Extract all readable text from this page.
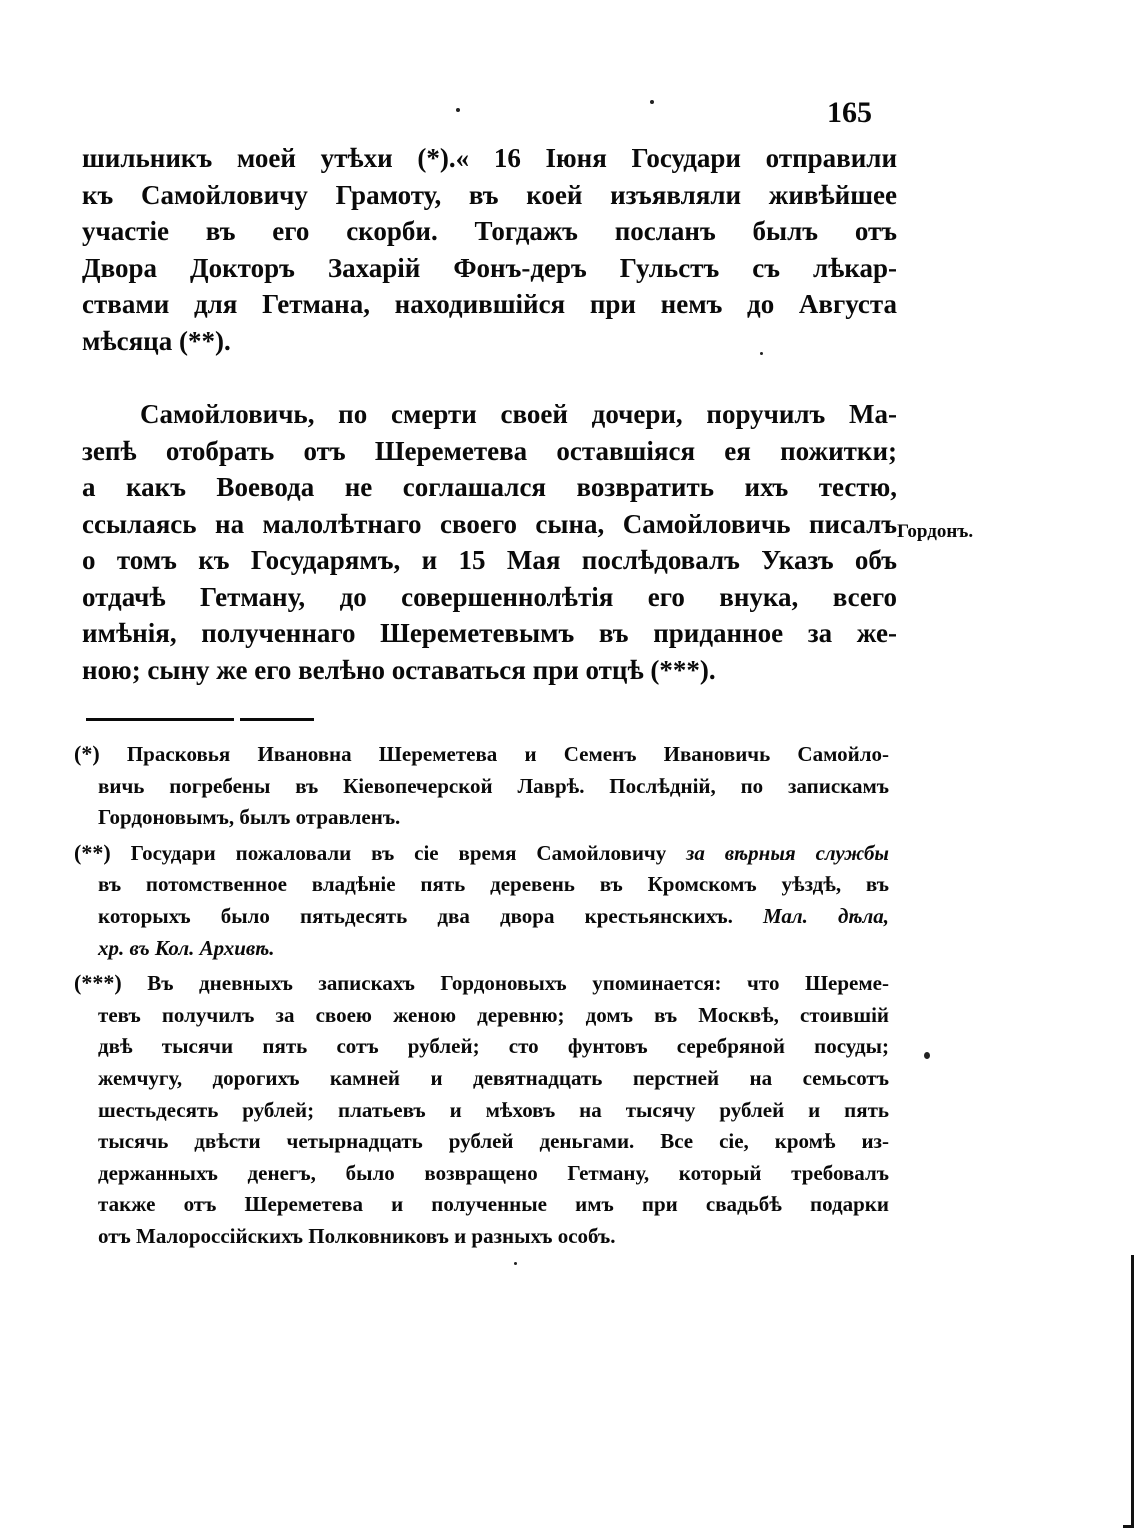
165
шильникъ моей утѣхи (*).« 16 Іюня Государи отправили
къ Самойловичу Грамоту, въ коей изъявляли живѣйшее
участіе въ его скорби. Тогдажъ посланъ былъ отъ
Двора Докторъ Захарій Фонъ-деръ Гульстъ съ лѣкар-
ствами для Гетмана, находившійся при немъ до Августа
мѣсяца (**).
Самойловичь, по смерти своей дочери, поручилъ Ма-
зепѣ отобрать отъ Шереметева оставшіяся ея пожитки;
а какъ Воевода не соглашался возвратить ихъ тестю,
ссылаясь на малолѣтнаго своего сына, Самойловичь писалъ
о томъ къ Государямъ, и 15 Мая послѣдовалъ Указъ объ
отдачѣ Гетману, до совершеннолѣтія его внука, всего
имѣнія, полученнаго Шереметевымъ въ приданное за же-
ною; сыну же его велѣно оставаться при отцѣ (***).
Гордонъ.
(*) Прасковья Ивановна Шереметева и Семенъ Ивановичь Самойло-
вичь погребены въ Кіевопечерской Лаврѣ. Послѣдній, по запискамъ
Гордоновымъ, былъ отравленъ.
(**) Государи пожаловали въ сіе время Самойловичу за вѣрныя службы
въ потомственное владѣніе пять деревень въ Кромскомъ уѣздѣ, въ
которыхъ было пятьдесять два двора крестьянскихъ. Мал. дѣла,
хр. въ Кол. Архивѣ.
(***) Въ дневныхъ запискахъ Гордоновыхъ упоминается: что Шереме-
тевъ получилъ за своею женою деревню; домъ въ Москвѣ, стоившій
двѣ тысячи пять сотъ рублей; сто фунтовъ серебряной посуды;
жемчугу, дорогихъ камней и девятнадцать перстней на семьсотъ
шестьдесять рублей; платьевъ и мѣховъ на тысячу рублей и пять
тысячь двѣсти четырнадцать рублей деньгами. Все сіе, кромѣ из-
держанныхъ денегъ, было возвращено Гетману, который требовалъ
также отъ Шереметева и полученные имъ при свадьбѣ подарки
отъ Малороссійскихъ Полковниковъ и разныхъ особъ.
